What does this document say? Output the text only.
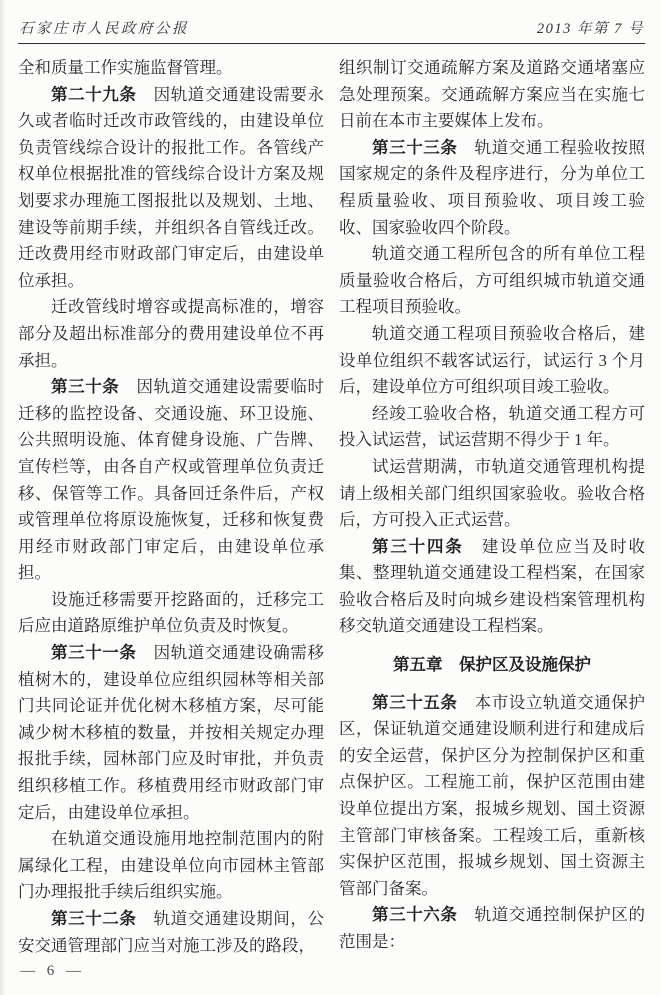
石家庄市人民政府公报	2013 年第 7 号

全和质量工作实施监督管理。

第二十九条　因轨道交通建设需要永久或者临时迁改市政管线的，由建设单位负责管线综合设计的报批工作。各管线产权单位根据批准的管线综合设计方案及规划要求办理施工图报批以及规划、土地、建设等前期手续，并组织各自管线迁改。迁改费用经市财政部门审定后，由建设单位承担。

迁改管线时增容或提高标准的，增容部分及超出标准部分的费用建设单位不再承担。

第三十条　因轨道交通建设需要临时迁移的监控设备、交通设施、环卫设施、公共照明设施、体育健身设施、广告牌、宣传栏等，由各自产权或管理单位负责迁移、保管等工作。具备回迁条件后，产权或管理单位将原设施恢复，迁移和恢复费用经市财政部门审定后，由建设单位承担。

设施迁移需要开挖路面的，迁移完工后应由道路原维护单位负责及时恢复。

第三十一条　因轨道交通建设确需移植树木的，建设单位应组织园林等相关部门共同论证并优化树木移植方案，尽可能减少树木移植的数量，并按相关规定办理报批手续，园林部门应及时审批，并负责组织移植工作。移植费用经市财政部门审定后，由建设单位承担。

在轨道交通设施用地控制范围内的附属绿化工程，由建设单位向市园林主管部门办理报批手续后组织实施。

第三十二条　轨道交通建设期间，公安交通管理部门应当对施工涉及的路段，

组织制订交通疏解方案及道路交通堵塞应急处理预案。交通疏解方案应当在实施七日前在本市主要媒体上发布。

第三十三条　轨道交通工程验收按照国家规定的条件及程序进行，分为单位工程质量验收、项目预验收、项目竣工验收、国家验收四个阶段。

轨道交通工程所包含的所有单位工程质量验收合格后，方可组织城市轨道交通工程项目预验收。

轨道交通工程项目预验收合格后，建设单位组织不载客试运行，试运行 3 个月后，建设单位方可组织项目竣工验收。

经竣工验收合格，轨道交通工程方可投入试运营，试运营期不得少于 1 年。

试运营期满，市轨道交通管理机构提请上级相关部门组织国家验收。验收合格后，方可投入正式运营。

第三十四条　建设单位应当及时收集、整理轨道交通建设工程档案，在国家验收合格后及时向城乡建设档案管理机构移交轨道交通建设工程档案。

第五章　保护区及设施保护

第三十五条　本市设立轨道交通保护区，保证轨道交通建设顺利进行和建成后的安全运营，保护区分为控制保护区和重点保护区。工程施工前，保护区范围由建设单位提出方案，报城乡规划、国土资源主管部门审核备案。工程竣工后，重新核实保护区范围，报城乡规划、国土资源主管部门备案。

第三十六条　轨道交通控制保护区的范围是：

— 6 —
